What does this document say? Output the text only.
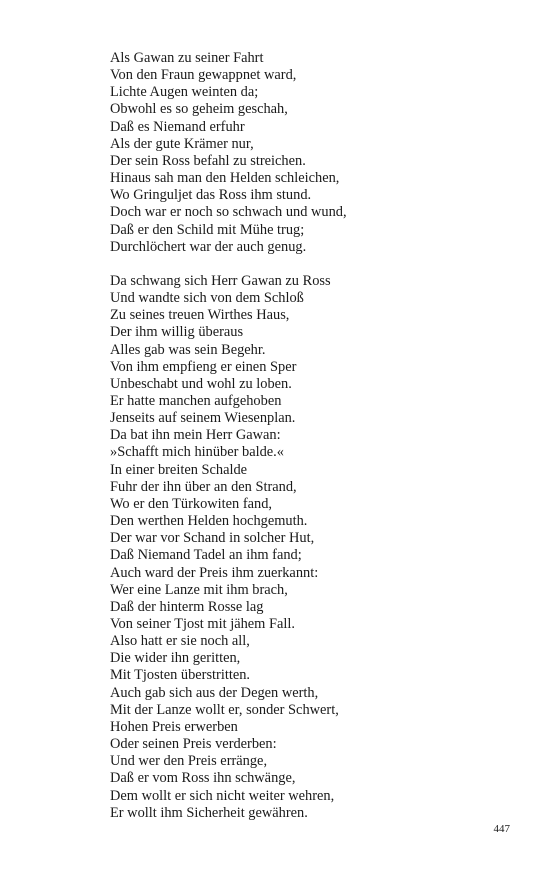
Als Gawan zu seiner Fahrt
Von den Fraun gewappnet ward,
Lichte Augen weinten da;
Obwohl es so geheim geschah,
Daß es Niemand erfuhr
Als der gute Krämer nur,
Der sein Ross befahl zu streichen.
Hinaus sah man den Helden schleichen,
Wo Gringuljet das Ross ihm stund.
Doch war er noch so schwach und wund,
Daß er den Schild mit Mühe trug;
Durchlöchert war der auch genug.
Da schwang sich Herr Gawan zu Ross
Und wandte sich von dem Schloß
Zu seines treuen Wirthes Haus,
Der ihm willig überaus
Alles gab was sein Begehr.
Von ihm empfieng er einen Sper
Unbeschabt und wohl zu loben.
Er hatte manchen aufgehoben
Jenseits auf seinem Wiesenplan.
Da bat ihn mein Herr Gawan:
»Schafft mich hinüber balde.«
In einer breiten Schalde
Fuhr der ihn über an den Strand,
Wo er den Türkowiten fand,
Den werthen Helden hochgemuth.
Der war vor Schand in solcher Hut,
Daß Niemand Tadel an ihm fand;
Auch ward der Preis ihm zuerkannt:
Wer eine Lanze mit ihm brach,
Daß der hinterm Rosse lag
Von seiner Tjost mit jähem Fall.
Also hatt er sie noch all,
Die wider ihn geritten,
Mit Tjosten überstritten.
Auch gab sich aus der Degen werth,
Mit der Lanze wollt er, sonder Schwert,
Hohen Preis erwerben
Oder seinen Preis verderben:
Und wer den Preis erränge,
Daß er vom Ross ihn schwänge,
Dem wollt er sich nicht weiter wehren,
Er wollt ihm Sicherheit gewähren.
447
